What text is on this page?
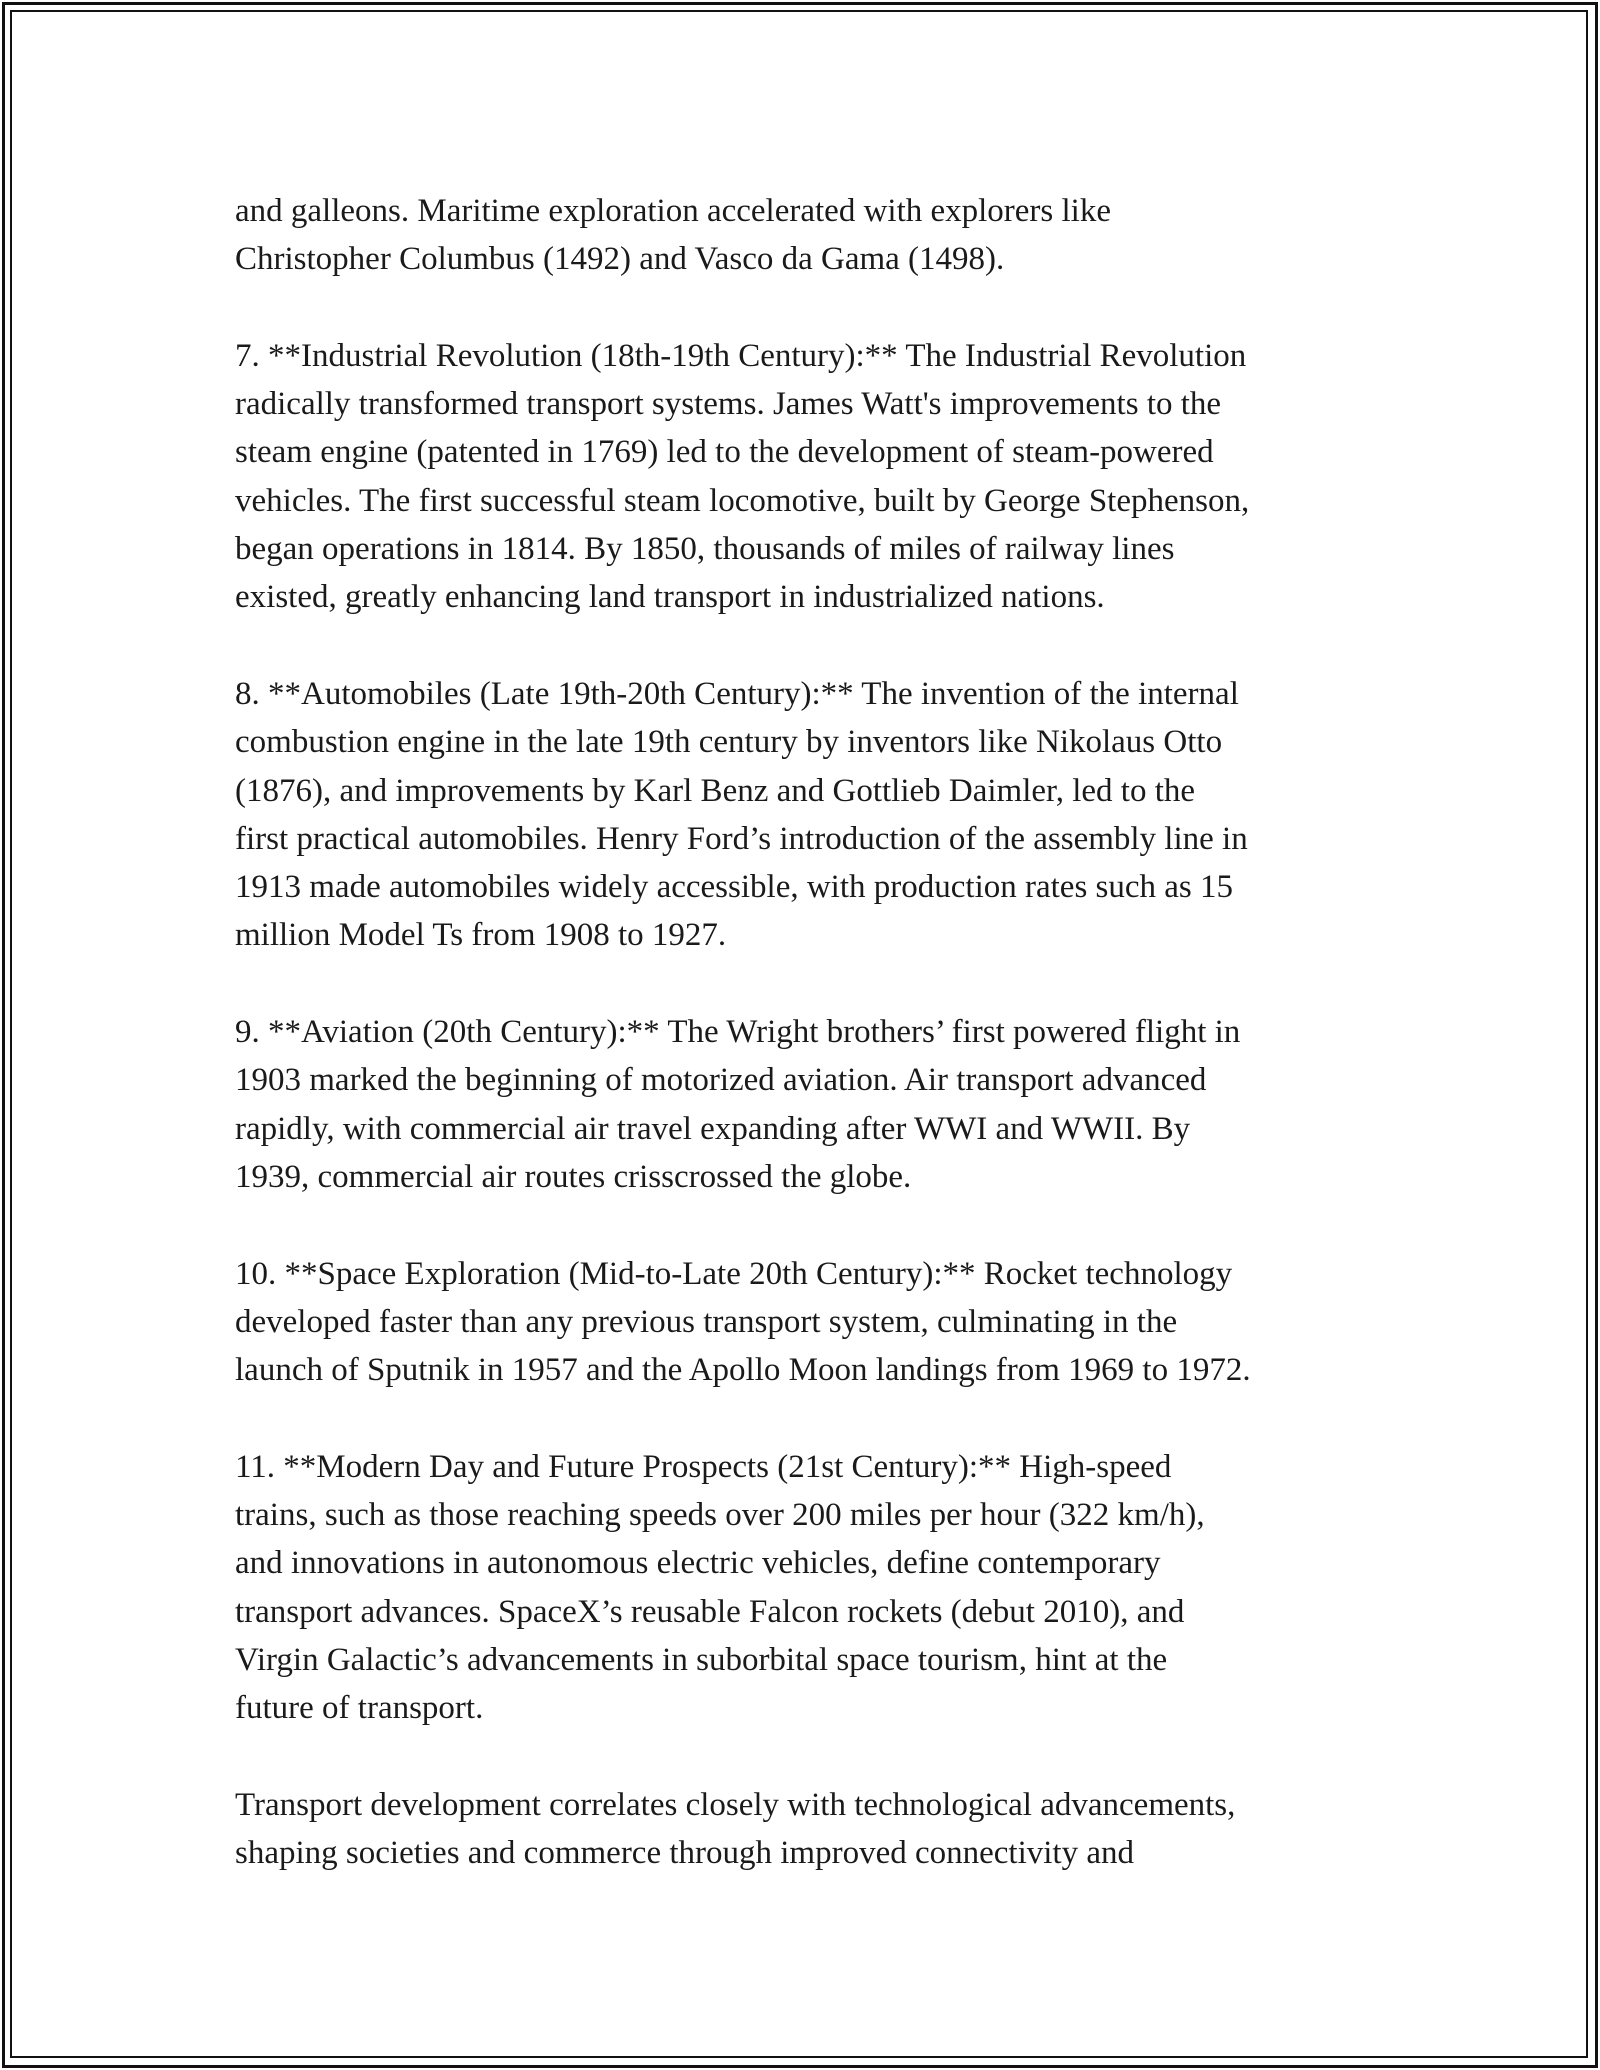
and galleons. Maritime exploration accelerated with explorers like
Christopher Columbus (1492) and Vasco da Gama (1498).

7. **Industrial Revolution (18th-19th Century):** The Industrial Revolution
radically transformed transport systems. James Watt's improvements to the
steam engine (patented in 1769) led to the development of steam-powered
vehicles. The first successful steam locomotive, built by George Stephenson,
began operations in 1814. By 1850, thousands of miles of railway lines
existed, greatly enhancing land transport in industrialized nations.

8. **Automobiles (Late 19th-20th Century):** The invention of the internal
combustion engine in the late 19th century by inventors like Nikolaus Otto
(1876), and improvements by Karl Benz and Gottlieb Daimler, led to the
first practical automobiles. Henry Ford’s introduction of the assembly line in
1913 made automobiles widely accessible, with production rates such as 15
million Model Ts from 1908 to 1927.

9. **Aviation (20th Century):** The Wright brothers’ first powered flight in
1903 marked the beginning of motorized aviation. Air transport advanced
rapidly, with commercial air travel expanding after WWI and WWII. By
1939, commercial air routes crisscrossed the globe.

10. **Space Exploration (Mid-to-Late 20th Century):** Rocket technology
developed faster than any previous transport system, culminating in the
launch of Sputnik in 1957 and the Apollo Moon landings from 1969 to 1972.

11. **Modern Day and Future Prospects (21st Century):** High-speed
trains, such as those reaching speeds over 200 miles per hour (322 km/h),
and innovations in autonomous electric vehicles, define contemporary
transport advances. SpaceX’s reusable Falcon rockets (debut 2010), and
Virgin Galactic’s advancements in suborbital space tourism, hint at the
future of transport.

Transport development correlates closely with technological advancements,
shaping societies and commerce through improved connectivity and
